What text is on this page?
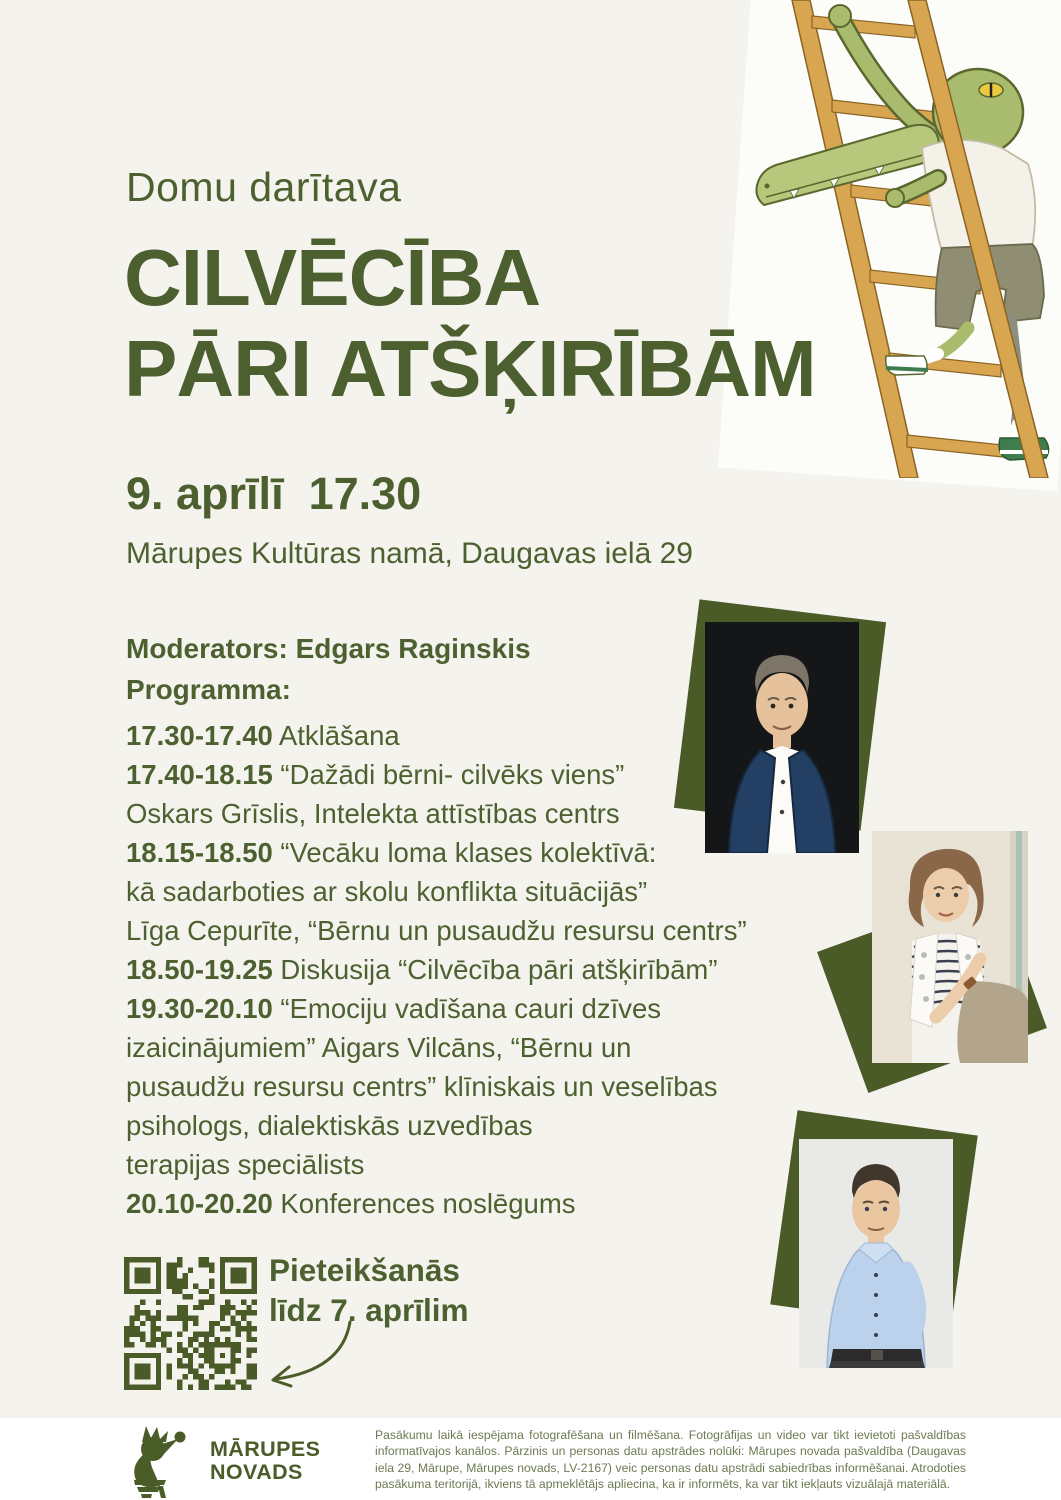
Domu darītava
CILVĒCĪBA
PĀRI ATŠĶIRĪBĀM
9. aprīlī  17.30
Mārupes Kultūras namā, Daugavas ielā 29
Moderators: Edgars Raginskis
Programma:
17.30-17.40 Atklāšana
17.40-18.15 “Dažādi bērni- cilvēks viens”
Oskars Grīslis, Intelekta attīstības centrs
18.15-18.50 “Vecāku loma klases kolektīvā:
kā sadarboties ar skolu konflikta situācijās”
Līga Cepurīte, “Bērnu un pusaudžu resursu centrs”
18.50-19.25 Diskusija “Cilvēcība pāri atšķirībām”
19.30-20.10 “Emociju vadīšana cauri dzīves
izaicinājumiem” Aigars Vilcāns, “Bērnu un
pusaudžu resursu centrs” klīniskais un veselības
psihologs, dialektiskās uzvedības
terapijas speciālists
20.10-20.20 Konferences noslēgums
Pieteikšanās
līdz 7. aprīlim
MĀRUPES
NOVADS

Pasākumu laikā iespējama fotografēšana un filmēšana. Fotogrāfijas un video var tikt ievietoti pašvaldības informatīvajos kanālos. Pārzinis un personas datu apstrādes nolūki: Mārupes novada pašvaldība (Daugavas iela 29, Mārupe, Mārupes novads, LV-2167) veic personas datu apstrādi sabiedrības informēšanai. Atrodoties pasākuma teritorijā, ikviens tā apmeklētājs apliecina, ka ir informēts, ka var tikt iekļauts vizuālajā materiālā.
